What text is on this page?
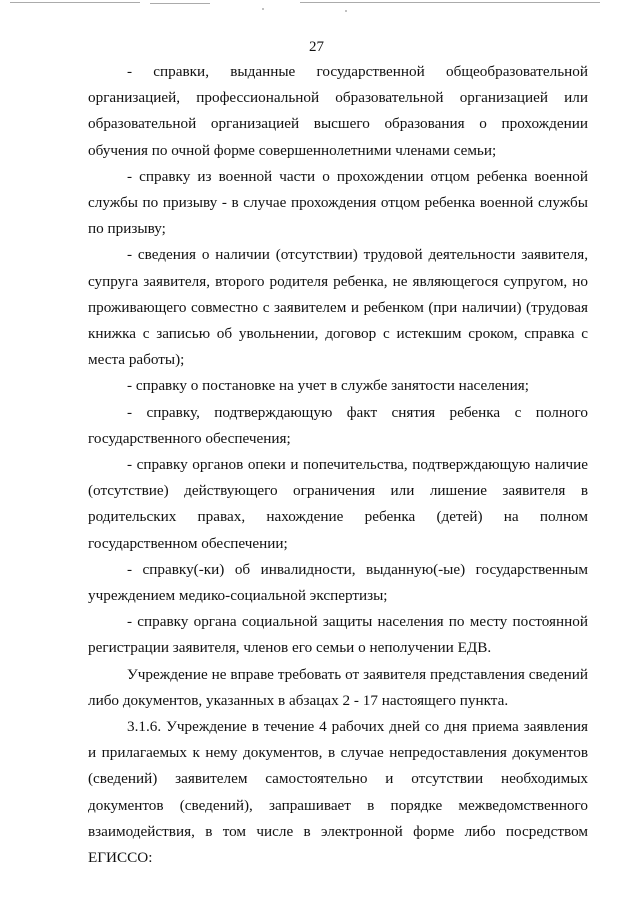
27

- справки, выданные государственной общеобразовательной организацией, профессиональной образовательной организацией или образовательной организацией высшего образования о прохождении обучения по очной форме совершеннолетними членами семьи;

- справку из военной части о прохождении отцом ребенка военной службы по призыву - в случае прохождения отцом ребенка военной службы по призыву;

- сведения о наличии (отсутствии) трудовой деятельности заявителя, супруга заявителя, второго родителя ребенка, не являющегося супругом, но проживающего совместно с заявителем и ребенком (при наличии) (трудовая книжка с записью об увольнении, договор с истекшим сроком, справка с места работы);

- справку о постановке на учет в службе занятости населения;

- справку, подтверждающую факт снятия ребенка с полного государственного обеспечения;

- справку органов опеки и попечительства, подтверждающую наличие (отсутствие) действующего ограничения или лишение заявителя в родительских правах, нахождение ребенка (детей) на полном государственном обеспечении;

- справку(-ки) об инвалидности, выданную(-ые) государственным учреждением медико-социальной экспертизы;

- справку органа социальной защиты населения по месту постоянной регистрации заявителя, членов его семьи о неполучении ЕДВ.

Учреждение не вправе требовать от заявителя представления сведений либо документов, указанных в абзацах 2 - 17 настоящего пункта.

3.1.6. Учреждение в течение 4 рабочих дней со дня приема заявления и прилагаемых к нему документов, в случае непредоставления документов (сведений) заявителем самостоятельно и отсутствии необходимых документов (сведений), запрашивает в порядке межведомственного взаимодействия, в том числе в электронной форме либо посредством ЕГИССО:
